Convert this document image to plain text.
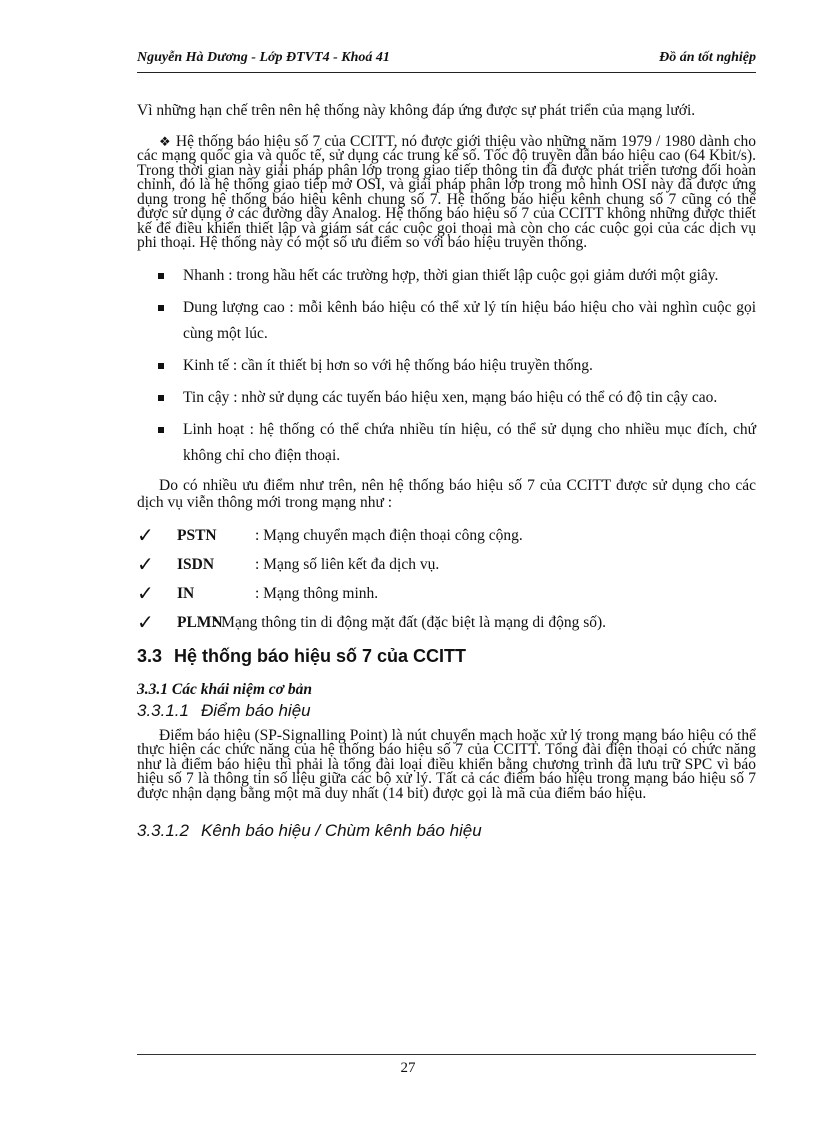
Nguyễn Hà Dương - Lớp ĐTVT4 - Khoá 41	Đồ án tốt nghiệp

Vì những hạn chế trên nên hệ thống này không đáp ứng được sự phát triển của mạng lưới.

❖ Hệ thống báo hiệu số 7 của CCITT, nó được giới thiệu vào những năm 1979 / 1980 dành cho các mạng quốc gia và quốc tế, sử dụng các trung kế số. Tốc độ truyền dẫn báo hiệu cao (64 Kbit/s). Trong thời gian này giải pháp phân lớp trong giao tiếp thông tin đã được phát triển tương đối hoàn chỉnh, đó là hệ thống giao tiếp mở OSI, và giải pháp phân lớp trong mô hình OSI này đã được ứng dụng trong hệ thống báo hiệu kênh chung số 7. Hệ thống báo hiệu kênh chung số 7 cũng có thể được sử dụng ở các đường dây Analog. Hệ thống báo hiệu số 7 của CCITT không những được thiết kế để điều khiển thiết lập và giám sát các cuộc gọi thoại mà còn cho các cuộc gọi của các dịch vụ phi thoại. Hệ thống này có một số ưu điểm so với báo hiệu truyền thống.

Nhanh : trong hầu hết các trường hợp, thời gian thiết lập cuộc gọi giảm dưới một giây.
Dung lượng cao : mỗi kênh báo hiệu có thể xử lý tín hiệu báo hiệu cho vài nghìn cuộc gọi cùng một lúc.
Kinh tế : cần ít thiết bị hơn so với hệ thống báo hiệu truyền thống.
Tin cậy : nhờ sử dụng các tuyến báo hiệu xen, mạng báo hiệu có thể có độ tin cậy cao.
Linh hoạt : hệ thống có thể chứa nhiều tín hiệu, có thể sử dụng cho nhiều mục đích, chứ không chỉ cho điện thoại.

Do có nhiều ưu điểm như trên, nên hệ thống báo hiệu số 7 của CCITT được sử dụng cho các dịch vụ viễn thông mới trong mạng như :

✓ PSTN : Mạng chuyển mạch điện thoại công cộng.
✓ ISDN	: Mạng số liên kết đa dịch vụ.
✓ IN	: Mạng thông minh.
✓ PLMN: Mạng thông tin di động mặt đất (đặc biệt là mạng di động số).
3.3 Hệ thống báo hiệu số 7 của CCITT
3.3.1 Các khái niệm cơ bản
3.3.1.1 Điểm báo hiệu

Điểm báo hiệu (SP-Signalling Point) là nút chuyển mạch hoặc xử lý trong mạng báo hiệu có thể thực hiện các chức năng của hệ thống báo hiệu số 7 của CCITT. Tổng đài điện thoại có chức năng như là điểm báo hiệu thì phải là tổng đài loại điều khiển bằng chương trình đã lưu trữ SPC vì báo hiệu số 7 là thông tin số liệu giữa các bộ xử lý. Tất cả các điểm báo hiệu trong mạng báo hiệu số 7 được nhận dạng bằng một mã duy nhất (14 bit) được gọi là mã của điểm báo hiệu.

3.3.1.2 Kênh báo hiệu / Chùm kênh báo hiệu
27
